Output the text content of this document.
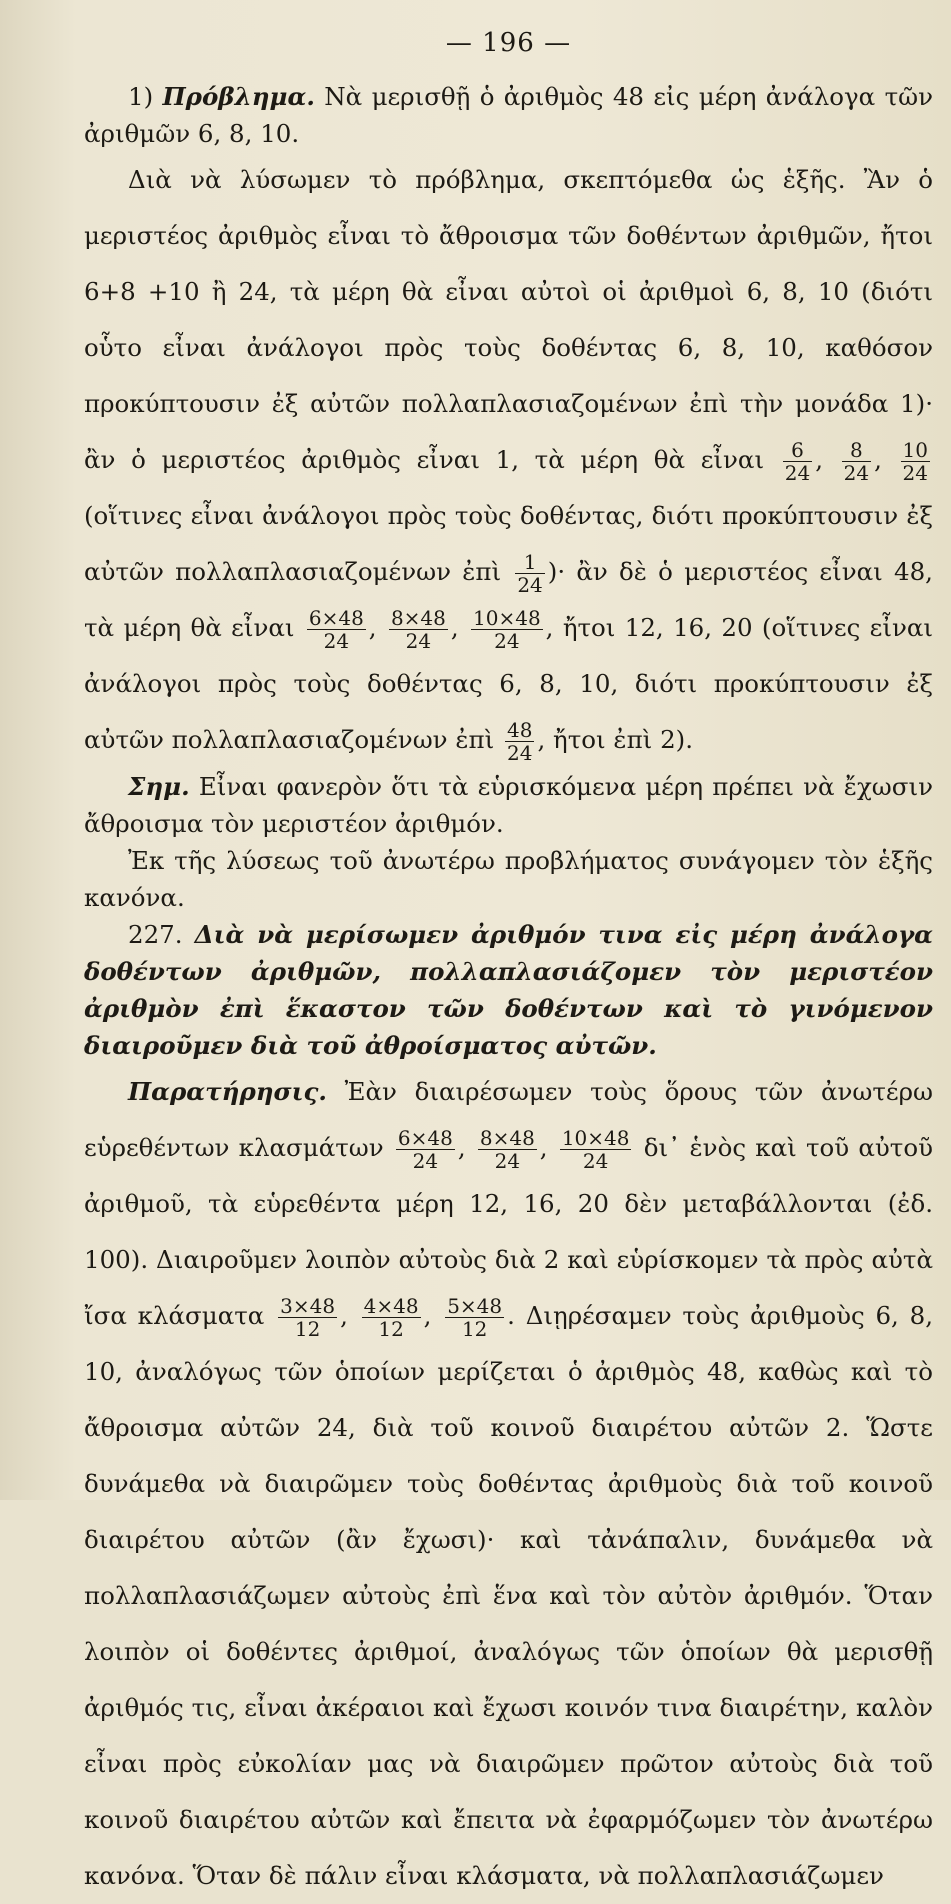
— 196 —

1) Πρόβλημα. Νὰ μερισθῇ ὁ ἀριθμὸς 48 εἰς μέρη ἀνάλογα τῶν ἀριθμῶν 6, 8, 10.

Διὰ νὰ λύσωμεν τὸ πρόβλημα, σκεπτόμεθα ὡς ἑξῆς. Ἂν ὁ μεριστέος ἀριθμὸς εἶναι τὸ ἄθροισμα τῶν δοθέντων ἀριθμῶν, ἤτοι 6+8 +10 ἢ 24, τὰ μέρη θὰ εἶναι αὐτοὶ οἱ ἀριθμοὶ 6, 8, 10 (διότι οὗτο εἶναι ἀνάλογοι πρὸς τοὺς δοθέντας 6, 8, 10, καθόσον προκύπτουσιν ἐξ αὐτῶν πολλαπλασιαζομένων ἐπὶ τὴν μονάδα 1)· ἂν ὁ μεριστέος ἀριθμὸς εἶναι 1, τὰ μέρη θὰ εἶναι $\frac{6}{24}$ , $\frac{8}{24}$ , $\frac{10}{24}$
(οἵτινες εἶναι ἀνάλογοι πρὸς τοὺς δοθέντας, διότι προκύπτουσιν ἐξ αὐτῶν πολλαπλασιαζομένων ἐπὶ $\frac{1}{24}$ )· ἂν δὲ ὁ μεριστέος εἶναι 48, τὰ μέρη θὰ εἶναι $\frac{6\times 48}{24}$ , $\frac{8\times 48}{24}$ , $\frac{10\times 48}{24}$ , ἤτοι 12, 16, 20 (οἵτινες εἶναι ἀνάλογοι πρὸς τοὺς δοθέντας 6, 8, 10, διότι προκύπτουσιν ἐξ αὐτῶν πολλαπλασιαζομένων ἐπὶ $\frac{48}{24}$ , ἤτοι ἐπὶ 2).

Σημ. Εἶναι φανερὸν ὅτι τὰ εὑρισκόμενα μέρη πρέπει νὰ ἔχωσιν ἄθροισμα τὸν μεριστέον ἀριθμόν.

Ἐκ τῆς λύσεως τοῦ ἀνωτέρω προβλήματος συνάγομεν τὸν ἑξῆς κανόνα.

227. Διὰ νὰ μερίσωμεν ἀριθμόν τινα εἰς μέρη ἀνάλογα δοθέντων ἀριθμῶν, πολλαπλασιάζομεν τὸν μεριστέον ἀριθμὸν ἐπὶ ἕκαστον τῶν δοθέντων καὶ τὸ γινόμενον διαιροῦμεν διὰ τοῦ ἀθροίσματος αὐτῶν.

Παρατήρησις. Ἐὰν διαιρέσωμεν τοὺς ὅρους τῶν ἀνωτέρω εὑρεθέντων κλασμάτων $\frac{6\times 48}{24}$ , $\frac{8\times 48}{24}$ , $\frac{10\times 48}{24}$ δι᾽ ἑνὸς καὶ τοῦ αὐτοῦ ἀριθμοῦ, τὰ εὑρεθέντα μέρη 12, 16, 20 δὲν μεταβάλλονται (ἐδ. 100). Διαιροῦμεν λοιπὸν αὐτοὺς διὰ 2 καὶ εὑρίσκομεν τὰ πρὸς αὐτὰ ἴσα κλάσματα $\frac{3\times 48}{12}$ , $\frac{4\times 48}{12}$ , $\frac{5\times 48}{12}$ . Διῃρέσαμεν τοὺς ἀριθμοὺς 6, 8, 10, ἀναλόγως τῶν ὁποίων μερίζεται ὁ ἀριθμὸς 48, καθὼς καὶ τὸ ἄθροισμα αὐτῶν 24, διὰ τοῦ κοινοῦ διαιρέτου αὐτῶν 2. Ὥστε δυνάμεθα νὰ διαιρῶμεν τοὺς δοθέντας ἀριθμοὺς διὰ τοῦ κοινοῦ διαιρέτου αὐτῶν (ἂν ἔχωσι)· καὶ τἀνάπαλιν, δυνάμεθα νὰ πολλαπλασιάζωμεν αὐτοὺς ἐπὶ ἕνα καὶ τὸν αὐτὸν ἀριθμόν. Ὅταν λοιπὸν οἱ δοθέντες ἀριθμοί, ἀναλόγως τῶν ὁποίων θὰ μερισθῇ ἀριθμός τις, εἶναι ἀκέραιοι καὶ ἔχωσι κοινόν τινα διαιρέτην, καλὸν εἶναι πρὸς εὐκολίαν μας νὰ διαιρῶμεν πρῶτον αὐτοὺς διὰ τοῦ κοινοῦ διαιρέτου αὐτῶν καὶ ἔπειτα νὰ ἐφαρμόζωμεν τὸν ἀνωτέρω κανόνα. Ὅταν δὲ πάλιν εἶναι κλάσματα, νὰ πολλαπλασιάζωμεν
